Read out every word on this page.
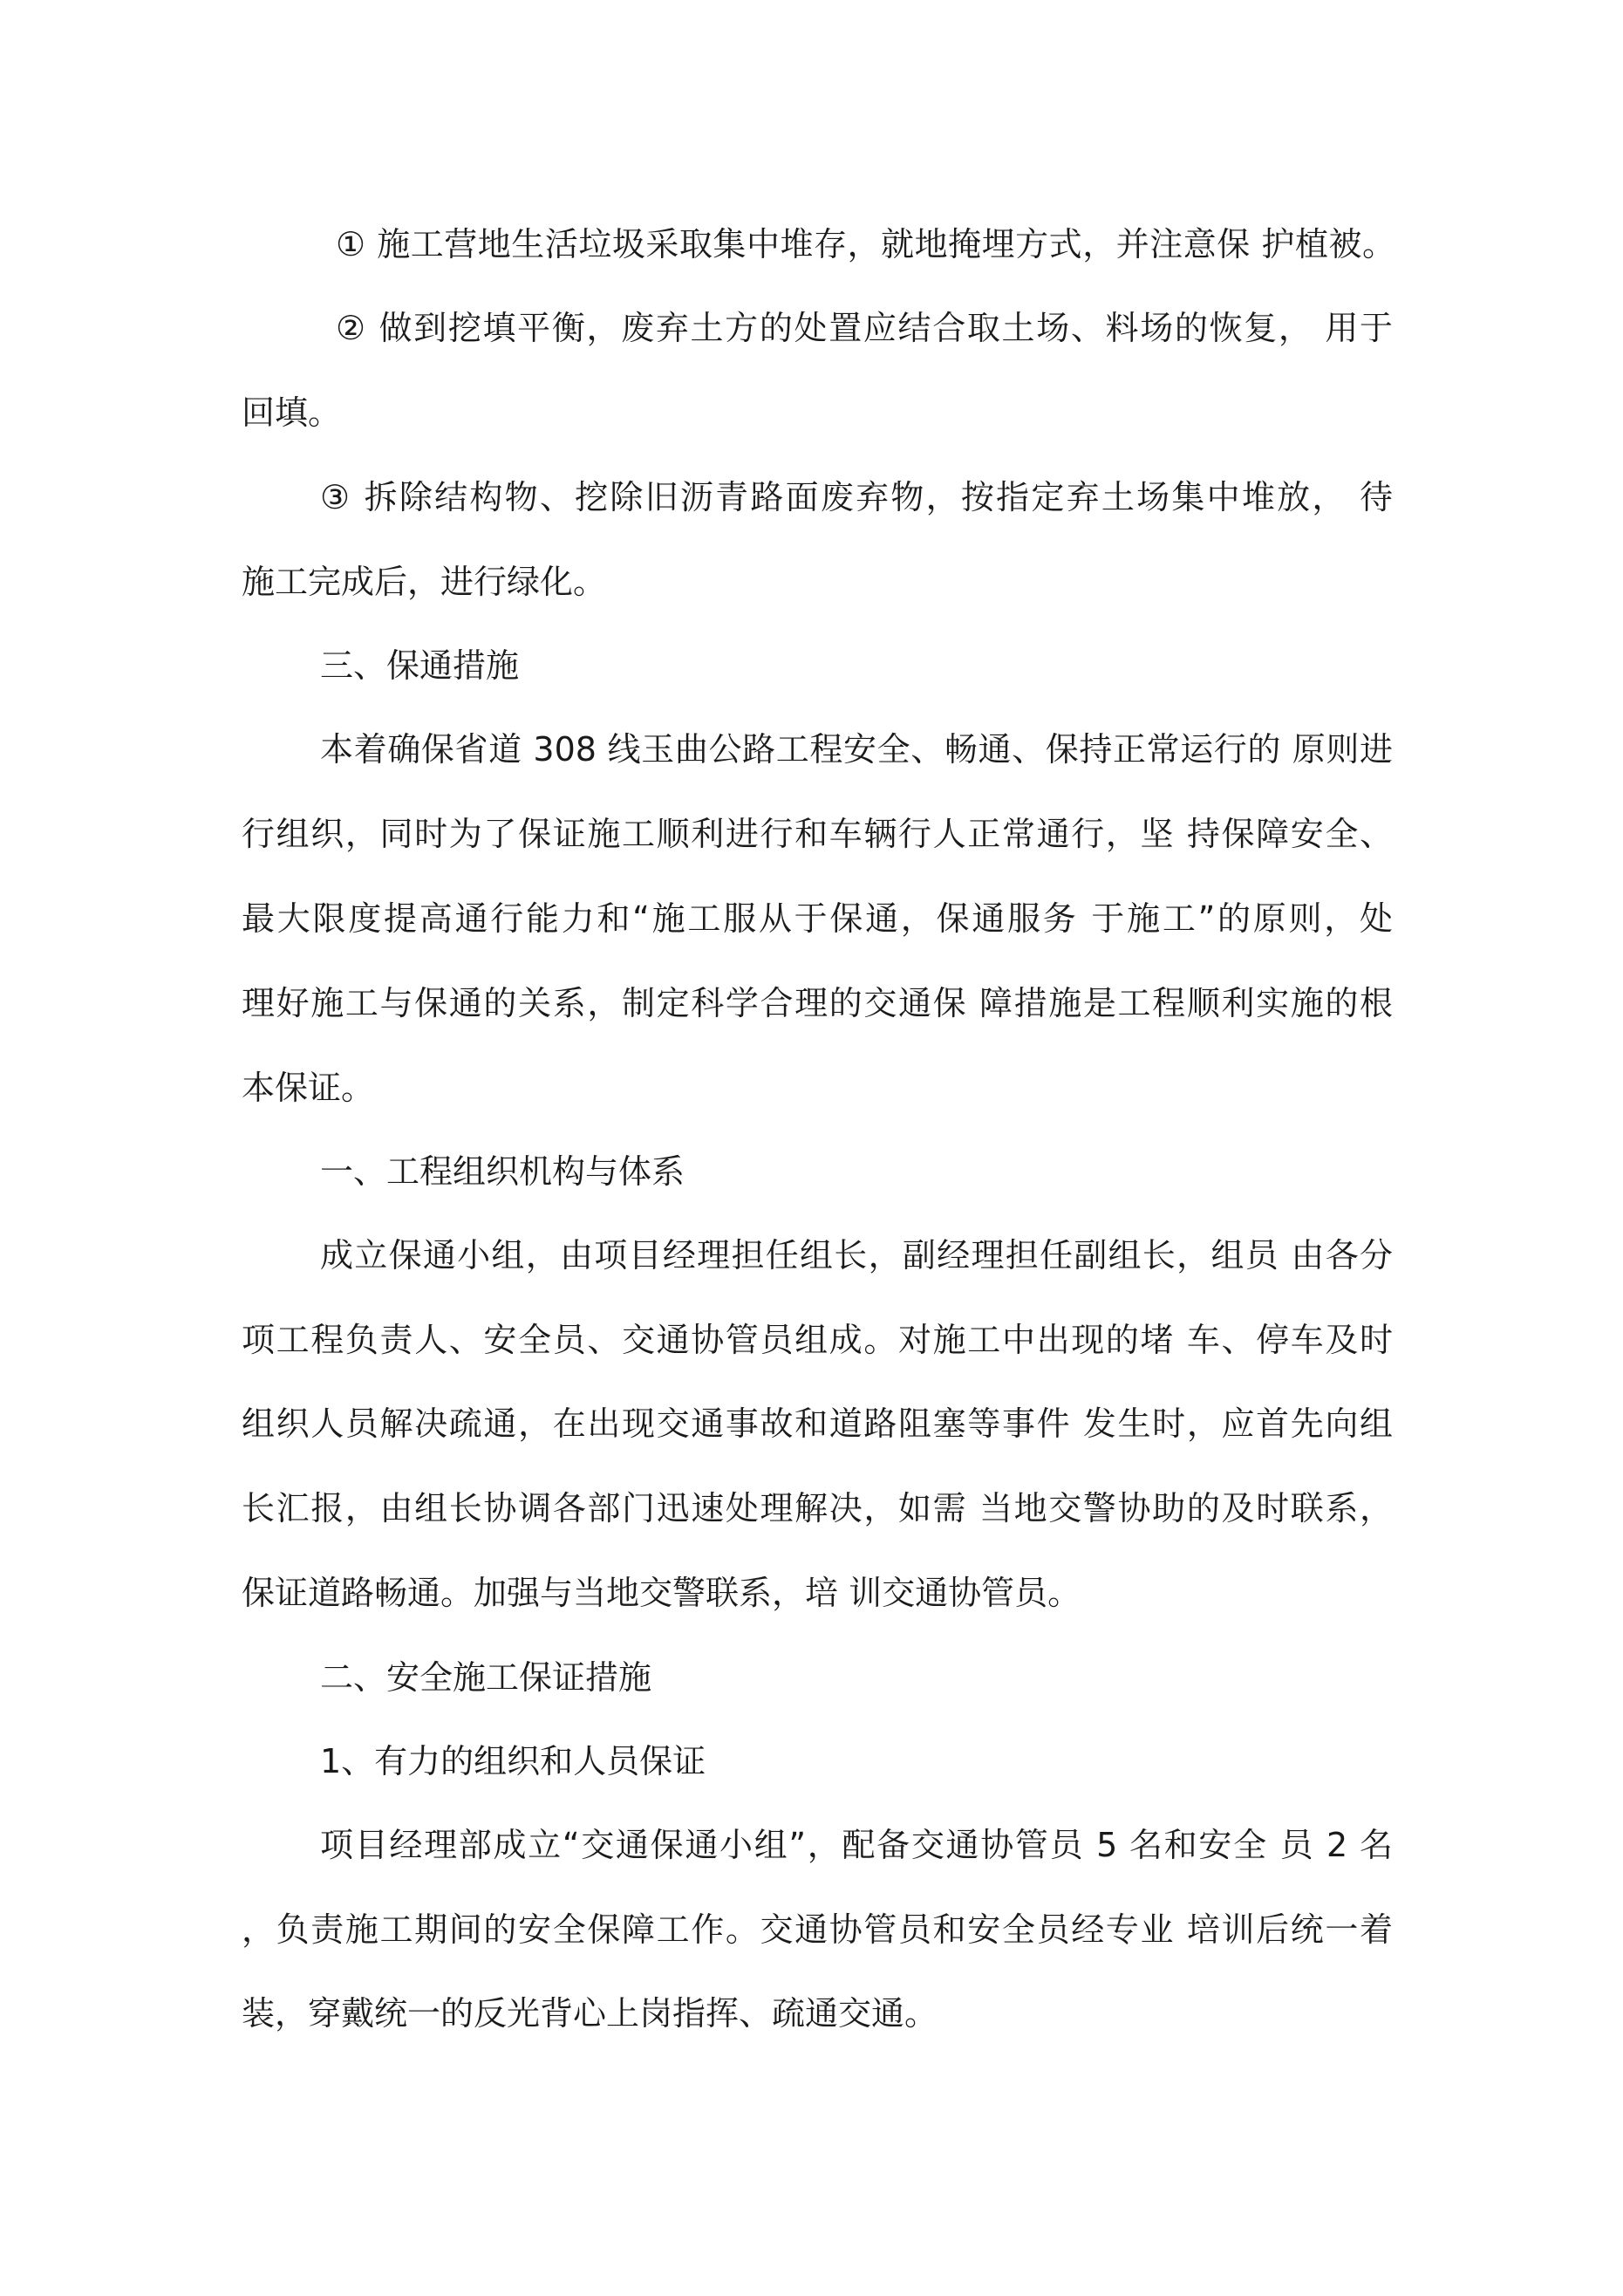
① 施工营地生活垃圾采取集中堆存，就地掩埋方式，并注意保 护植被。

② 做到挖填平衡，废弃土方的处置应结合取土场、料场的恢复， 用于

回填。

③ 拆除结构物、挖除旧沥青路面废弃物，按指定弃土场集中堆放， 待

施工完成后，进行绿化。

三、保通措施

本着确保省道 308 线玉曲公路工程安全、畅通、保持正常运行的 原则进

行组织，同时为了保证施工顺利进行和车辆行人正常通行，坚 持保障安全、

最大限度提高通行能力和“施工服从于保通，保通服务 于施工”的原则，处

理好施工与保通的关系，制定科学合理的交通保 障措施是工程顺利实施的根

本保证。

一、工程组织机构与体系

成立保通小组，由项目经理担任组长，副经理担任副组长，组员 由各分

项工程负责人、安全员、交通协管员组成。对施工中出现的堵 车、停车及时

组织人员解决疏通，在出现交通事故和道路阻塞等事件 发生时，应首先向组

长汇报，由组长协调各部门迅速处理解决，如需 当地交警协助的及时联系，

保证道路畅通。加强与当地交警联系，培 训交通协管员。

二、安全施工保证措施

1、有力的组织和人员保证

项目经理部成立“交通保通小组”，配备交通协管员 5 名和安全 员 2 名

，负责施工期间的安全保障工作。交通协管员和安全员经专业 培训后统一着

装，穿戴统一的反光背心上岗指挥、疏通交通。
